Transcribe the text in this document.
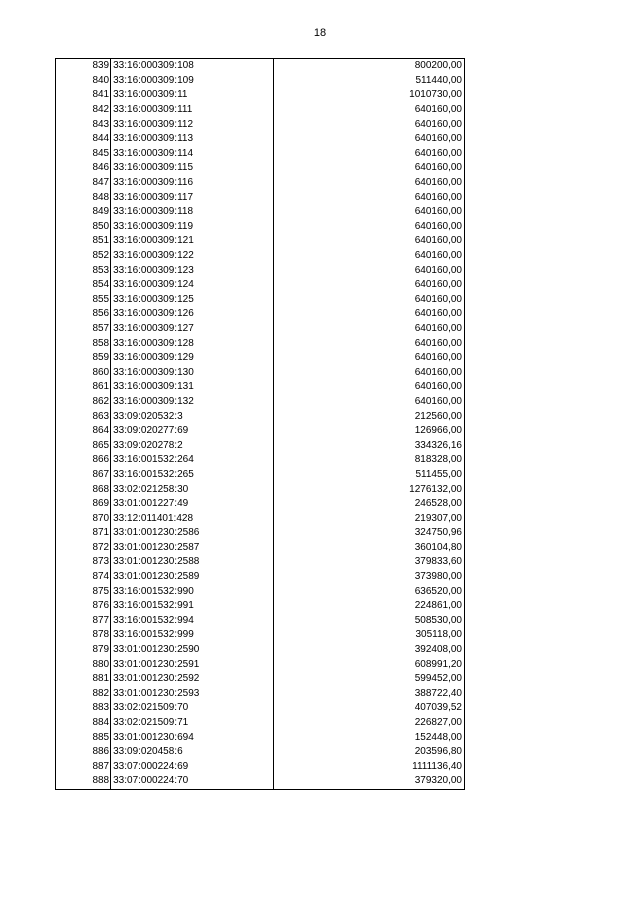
18
839	33:16:000309:108	800200,00
840	33:16:000309:109	511440,00
841	33:16:000309:11	1010730,00
842	33:16:000309:111	640160,00
843	33:16:000309:112	640160,00
844	33:16:000309:113	640160,00
845	33:16:000309:114	640160,00
846	33:16:000309:115	640160,00
847	33:16:000309:116	640160,00
848	33:16:000309:117	640160,00
849	33:16:000309:118	640160,00
850	33:16:000309:119	640160,00
851	33:16:000309:121	640160,00
852	33:16:000309:122	640160,00
853	33:16:000309:123	640160,00
854	33:16:000309:124	640160,00
855	33:16:000309:125	640160,00
856	33:16:000309:126	640160,00
857	33:16:000309:127	640160,00
858	33:16:000309:128	640160,00
859	33:16:000309:129	640160,00
860	33:16:000309:130	640160,00
861	33:16:000309:131	640160,00
862	33:16:000309:132	640160,00
863	33:09:020532:3	212560,00
864	33:09:020277:69	126966,00
865	33:09:020278:2	334326,16
866	33:16:001532:264	818328,00
867	33:16:001532:265	511455,00
868	33:02:021258:30	1276132,00
869	33:01:001227:49	246528,00
870	33:12:011401:428	219307,00
871	33:01:001230:2586	324750,96
872	33:01:001230:2587	360104,80
873	33:01:001230:2588	379833,60
874	33:01:001230:2589	373980,00
875	33:16:001532:990	636520,00
876	33:16:001532:991	224861,00
877	33:16:001532:994	508530,00
878	33:16:001532:999	305118,00
879	33:01:001230:2590	392408,00
880	33:01:001230:2591	608991,20
881	33:01:001230:2592	599452,00
882	33:01:001230:2593	388722,40
883	33:02:021509:70	407039,52
884	33:02:021509:71	226827,00
885	33:01:001230:694	152448,00
886	33:09:020458:6	203596,80
887	33:07:000224:69	1111136,40
888	33:07:000224:70	379320,00
